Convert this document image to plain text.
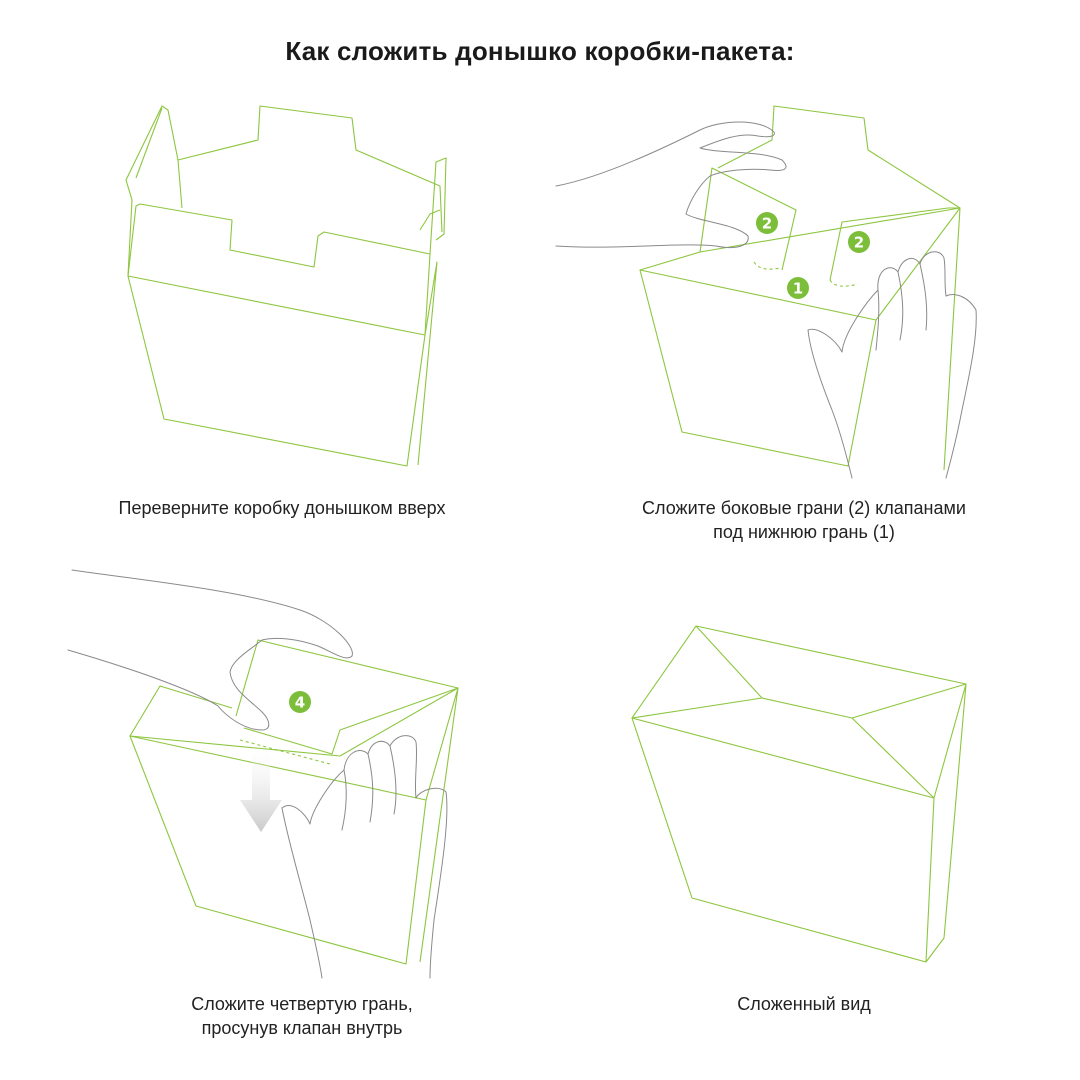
Как сложить донышко коробки-пакета:
2
2
1
4
Переверните коробку донышком вверх	Сложите боковые грани (2) клапанами
под нижнюю грань (1)
Сложите четвертую грань,
просунув клапан внутрь
Сложенный вид
